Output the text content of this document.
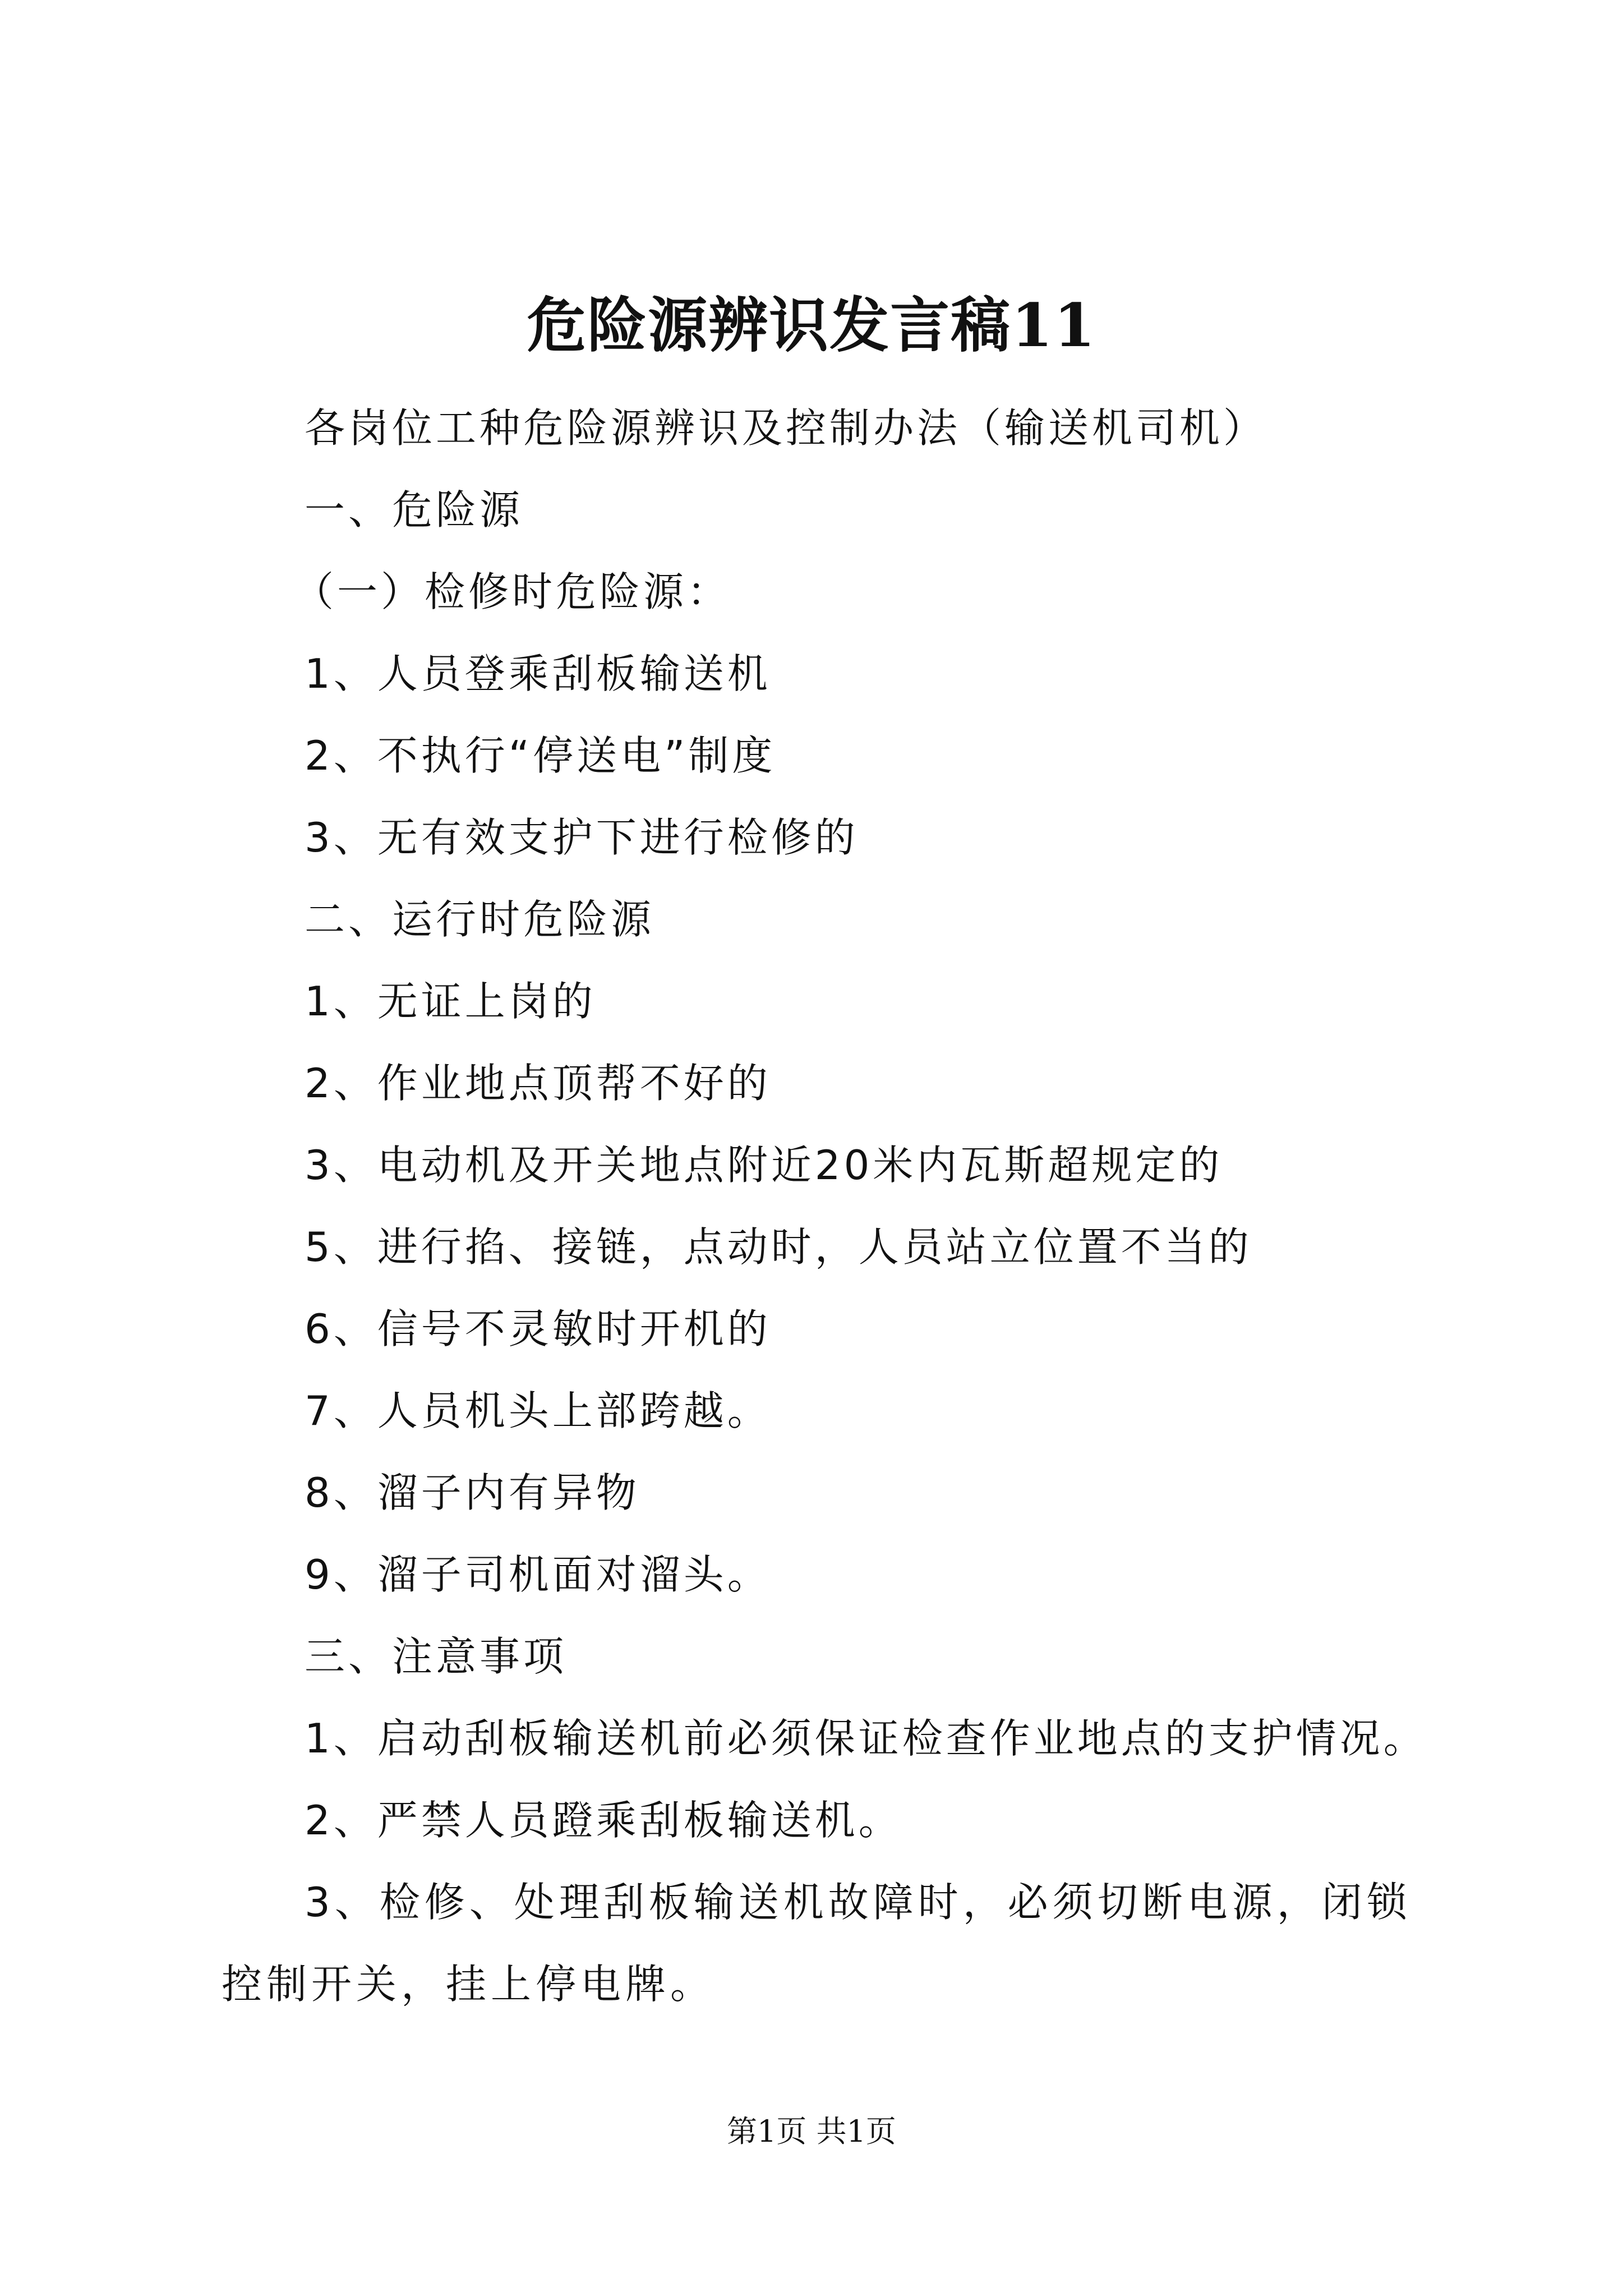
危险源辨识发言稿11
各岗位工种危险源辨识及控制办法（输送机司机）
一、危险源
（一）检修时危险源：
1、人员登乘刮板输送机
2、不执行“停送电”制度
3、无有效支护下进行检修的
二、运行时危险源
1、无证上岗的
2、作业地点顶帮不好的
3、电动机及开关地点附近20米内瓦斯超规定的
5、进行掐、接链，点动时，人员站立位置不当的
6、信号不灵敏时开机的
7、人员机头上部跨越。
8、溜子内有异物
9、溜子司机面对溜头。
三、注意事项
1、启动刮板输送机前必须保证检查作业地点的支护情况。
2、严禁人员蹬乘刮板输送机。
3、检修、处理刮板输送机故障时，必须切断电源，闭锁控制开关，挂上停电牌。
第1页 共1页
